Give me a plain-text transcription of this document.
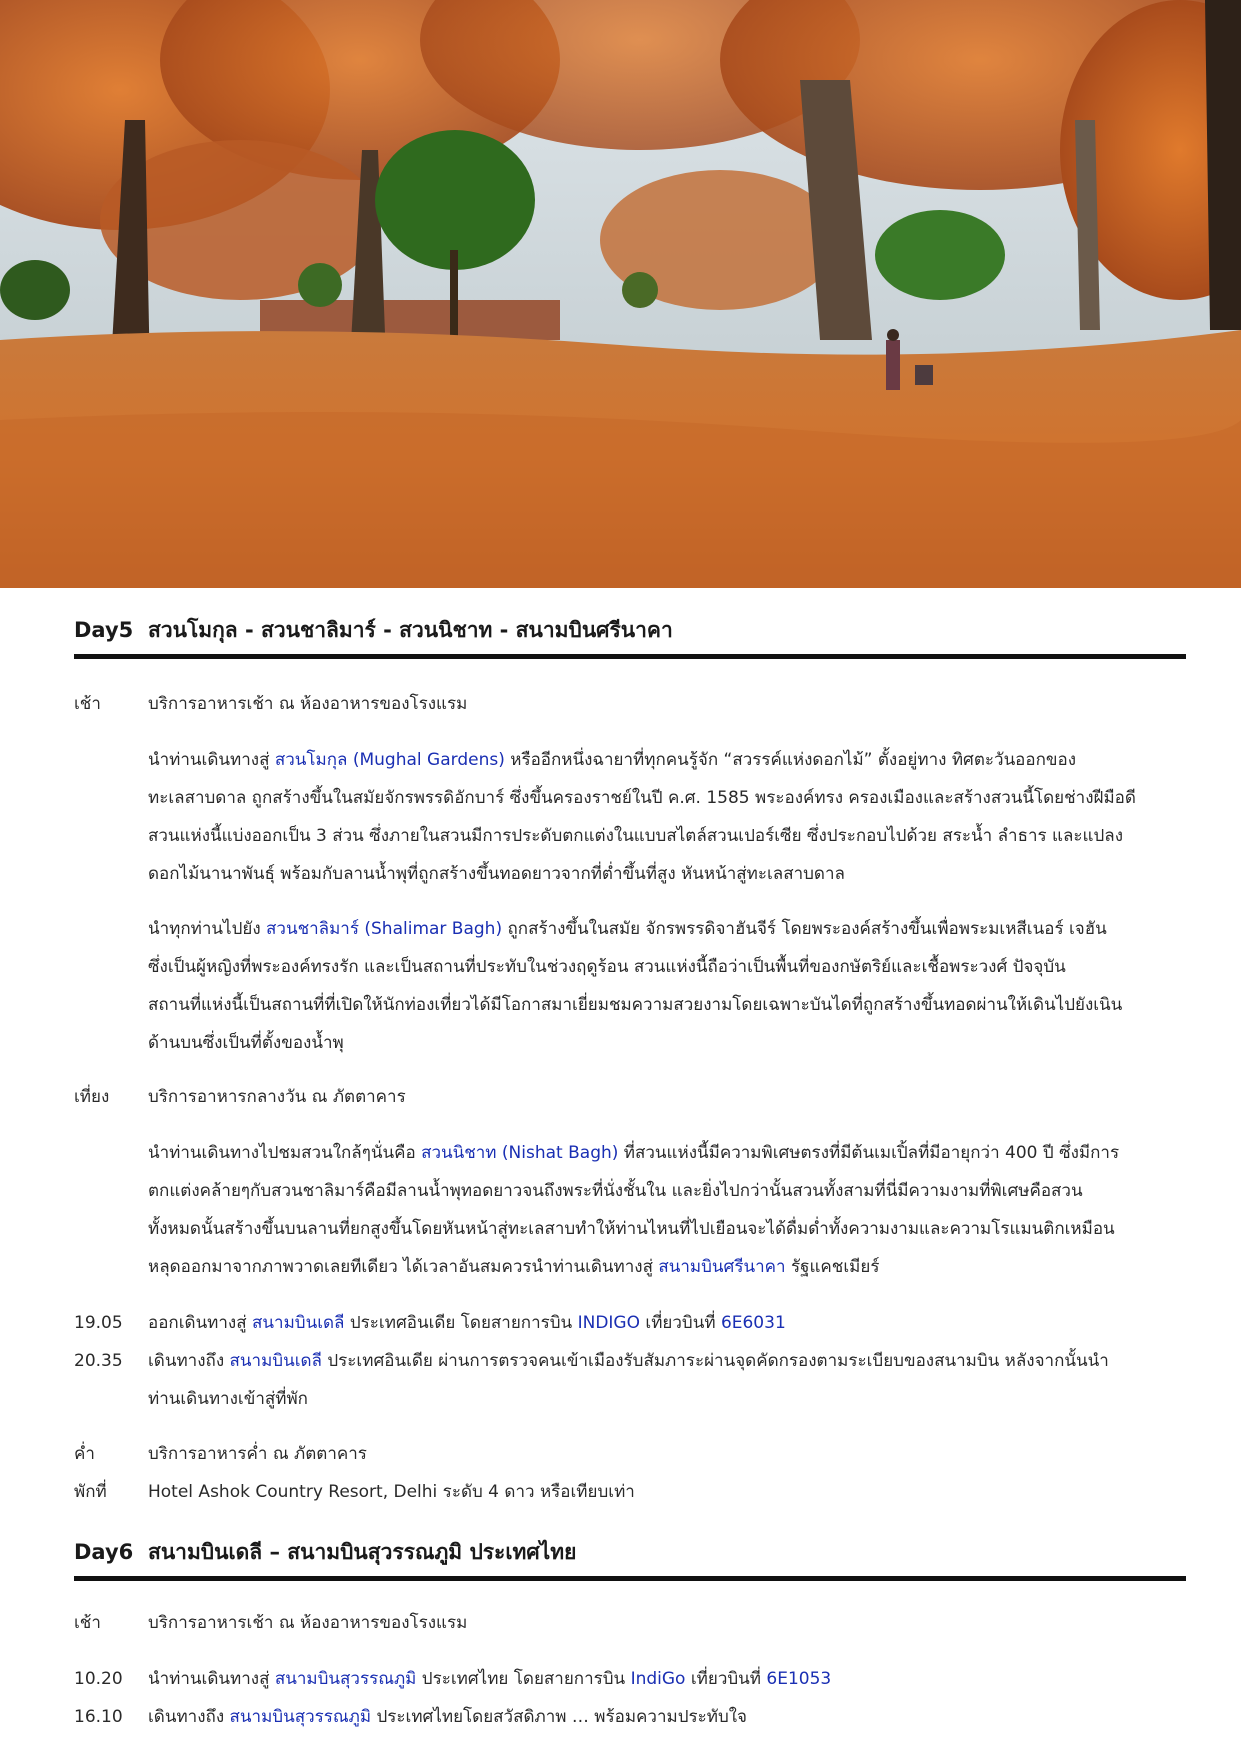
Day5 สวนโมกุล - สวนชาลิมาร์ - สวนนิชาท - สนามบินศรีนาคา
เช้า	บริการอาหารเช้า ณ ห้องอาหารของโรงแรม
นำท่านเดินทางสู่ สวนโมกุล (Mughal Gardens) หรืออีกหนึ่งฉายาที่ทุกคนรู้จัก “สวรรค์แห่งดอกไม้” ตั้งอยู่ทาง ทิศตะวันออกของ
ทะเลสาบดาล ถูกสร้างขึ้นในสมัยจักรพรรดิอักบาร์ ซึ่งขึ้นครองราชย์ในปี ค.ศ. 1585 พระองค์ทรง ครองเมืองและสร้างสวนนี้โดยช่างฝีมือดี
สวนแห่งนี้แบ่งออกเป็น 3 ส่วน ซึ่งภายในสวนมีการประดับตกแต่งในแบบสไตล์สวนเปอร์เซีย ซึ่งประกอบไปด้วย สระน้ำ ลำธาร และแปลง
ดอกไม้นานาพันธุ์ พร้อมกับลานน้ำพุที่ถูกสร้างขึ้นทอดยาวจากที่ต่ำขึ้นที่สูง หันหน้าสู่ทะเลสาบดาล
นำทุกท่านไปยัง สวนชาลิมาร์ (Shalimar Bagh) ถูกสร้างขึ้นในสมัย จักรพรรดิจาฮันจีร์ โดยพระองค์สร้างขึ้นเพื่อพระมเหสีเนอร์ เจฮัน
ซึ่งเป็นผู้หญิงที่พระองค์ทรงรัก และเป็นสถานที่ประทับในช่วงฤดูร้อน สวนแห่งนี้ถือว่าเป็นพื้นที่ของกษัตริย์และเชื้อพระวงศ์ ปัจจุบัน
สถานที่แห่งนี้เป็นสถานที่ที่เปิดให้นักท่องเที่ยวได้มีโอกาสมาเยี่ยมชมความสวยงามโดยเฉพาะบันไดที่ถูกสร้างขึ้นทอดผ่านให้เดินไปยังเนิน
ด้านบนซึ่งเป็นที่ตั้งของน้ำพุ
เที่ยง	บริการอาหารกลางวัน ณ ภัตตาคาร
นำท่านเดินทางไปชมสวนใกล้ๆนั่นคือ สวนนิชาท (Nishat Bagh) ที่สวนแห่งนี้มีความพิเศษตรงที่มีต้นเมเปิ้ลที่มีอายุกว่า 400 ปี ซึ่งมีการ
ตกแต่งคล้ายๆกับสวนชาลิมาร์คือมีลานน้ำพุทอดยาวจนถึงพระที่นั่งชั้นใน และยิ่งไปกว่านั้นสวนทั้งสามที่นี่มีความงามที่พิเศษคือสวน
ทั้งหมดนั้นสร้างขึ้นบนลานที่ยกสูงขึ้นโดยหันหน้าสู่ทะเลสาบทำให้ท่านไหนที่ไปเยือนจะได้ดื่มด่ำทั้งความงามและความโรแมนติกเหมือน
หลุดออกมาจากภาพวาดเลยทีเดียว ได้เวลาอันสมควรนำท่านเดินทางสู่ สนามบินศรีนาคา รัฐแคชเมียร์
19.05	ออกเดินทางสู่ สนามบินเดลี ประเทศอินเดีย โดยสายการบิน INDIGO เที่ยวบินที่ 6E6031
20.35	เดินทางถึง สนามบินเดลี ประเทศอินเดีย ผ่านการตรวจคนเข้าเมืองรับสัมภาระผ่านจุดคัดกรองตามระเบียบของสนามบิน หลังจากนั้นนำ
ท่านเดินทางเข้าสู่ที่พัก
ค่ำ	บริการอาหารค่ำ ณ ภัตตาคาร
พักที่	Hotel Ashok Country Resort, Delhi ระดับ 4 ดาว หรือเทียบเท่า
Day6 สนามบินเดลี – สนามบินสุวรรณภูมิ ประเทศไทย
เช้า	บริการอาหารเช้า ณ ห้องอาหารของโรงแรม
10.20	นำท่านเดินทางสู่ สนามบินสุวรรณภูมิ ประเทศไทย โดยสายการบิน IndiGo เที่ยวบินที่ 6E1053
16.10	เดินทางถึง สนามบินสุวรรณภูมิ ประเทศไทยโดยสวัสดิภาพ … พร้อมความประทับใจ
